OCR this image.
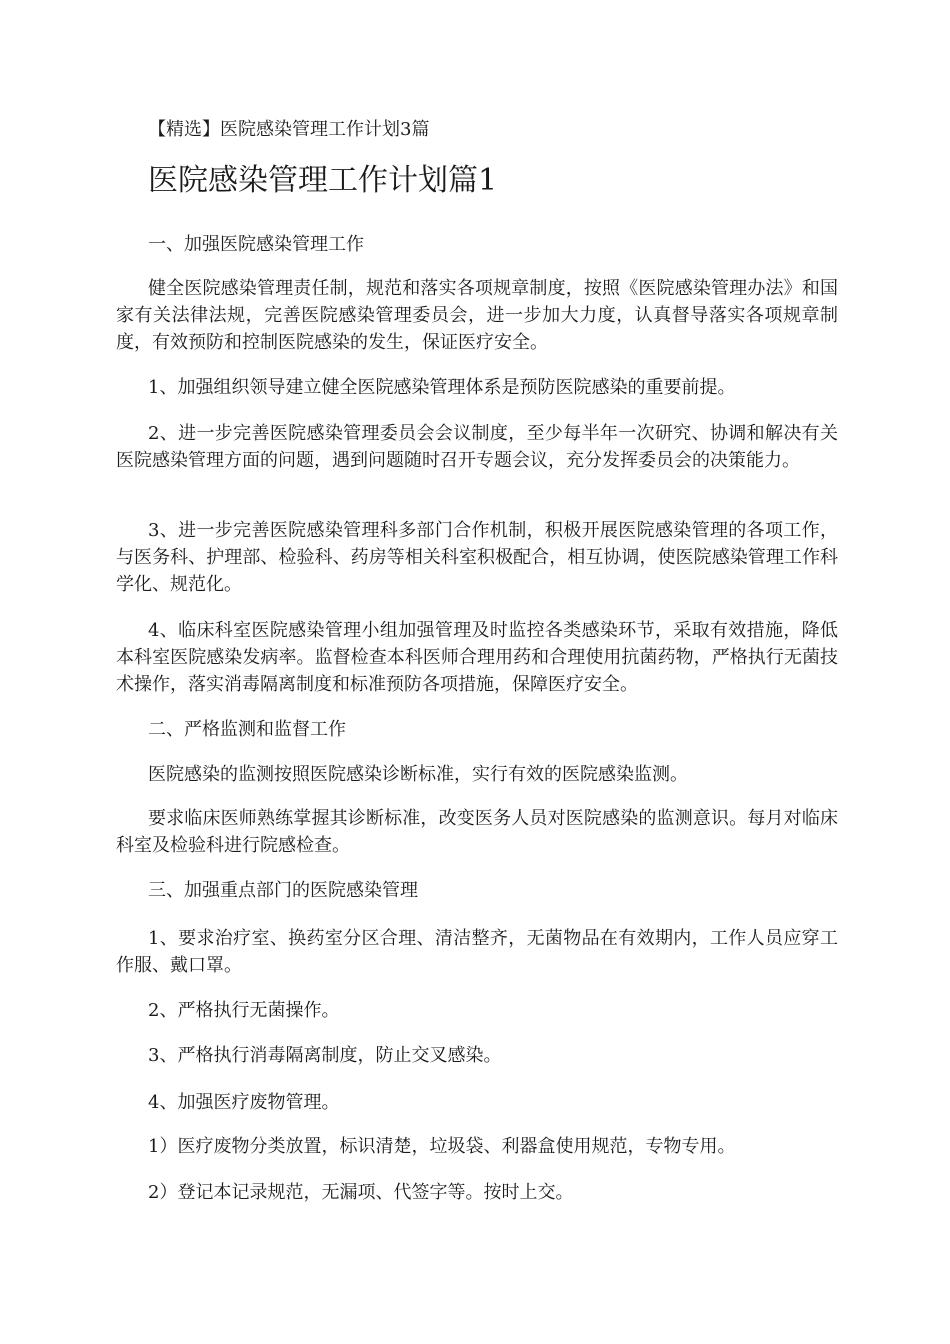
【精选】医院感染管理工作计划3篇
医院感染管理工作计划篇1

一、加强医院感染管理工作

健全医院感染管理责任制，规范和落实各项规章制度，按照《医院感染管理办法》和国家有关法律法规，完善医院感染管理委员会，进一步加大力度，认真督导落实各项规章制度，有效预防和控制医院感染的发生，保证医疗安全。

1、加强组织领导建立健全医院感染管理体系是预防医院感染的重要前提。

2、进一步完善医院感染管理委员会会议制度，至少每半年一次研究、协调和解决有关医院感染管理方面的问题，遇到问题随时召开专题会议，充分发挥委员会的决策能力。

3、进一步完善医院感染管理科多部门合作机制，积极开展医院感染管理的各项工作，与医务科、护理部、检验科、药房等相关科室积极配合，相互协调，使医院感染管理工作科学化、规范化。

4、临床科室医院感染管理小组加强管理及时监控各类感染环节，采取有效措施，降低本科室医院感染发病率。监督检查本科医师合理用药和合理使用抗菌药物，严格执行无菌技术操作，落实消毒隔离制度和标准预防各项措施，保障医疗安全。

二、严格监测和监督工作

医院感染的监测按照医院感染诊断标准，实行有效的医院感染监测。

要求临床医师熟练掌握其诊断标准，改变医务人员对医院感染的监测意识。每月对临床科室及检验科进行院感检查。

三、加强重点部门的医院感染管理

1、要求治疗室、换药室分区合理、清洁整齐，无菌物品在有效期内，工作人员应穿工作服、戴口罩。

2、严格执行无菌操作。

3、严格执行消毒隔离制度，防止交叉感染。

4、加强医疗废物管理。

1）医疗废物分类放置，标识清楚，垃圾袋、利器盒使用规范，专物专用。

2）登记本记录规范，无漏项、代签字等。按时上交。
